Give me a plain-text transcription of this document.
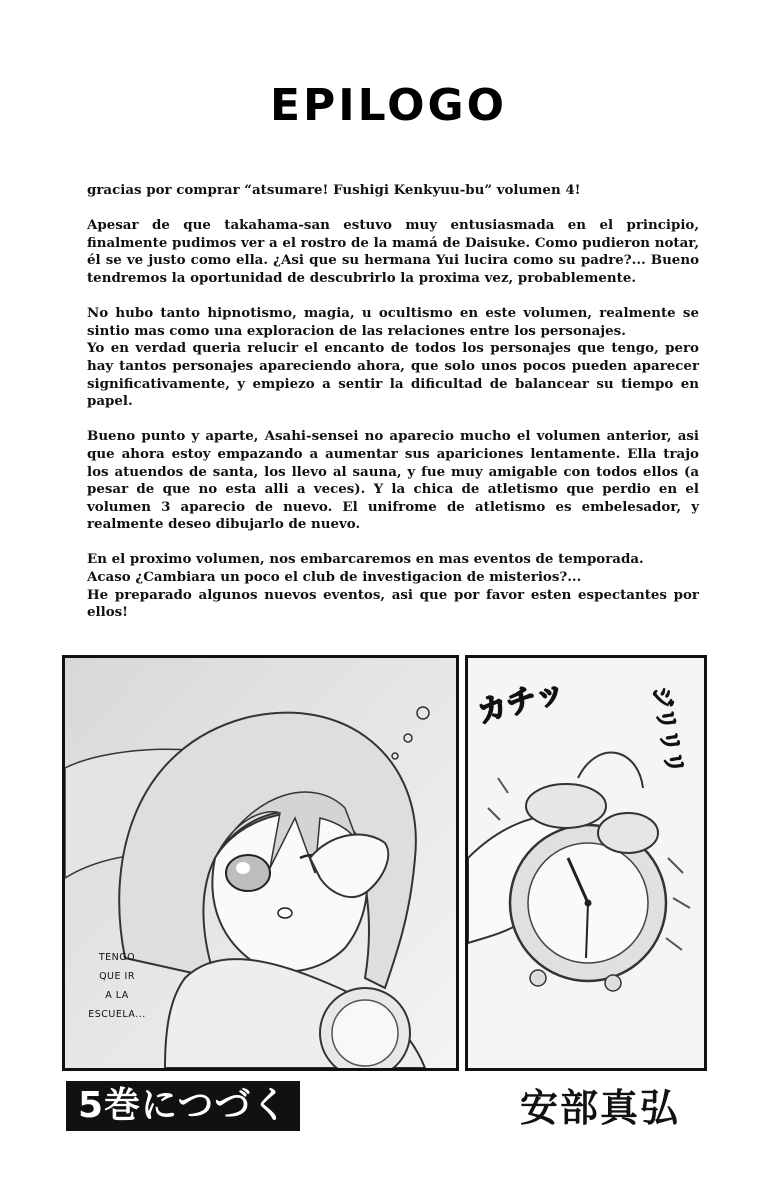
EPILOGO

gracias por comprar “atsumare! Fushigi Kenkyuu-bu” volumen 4!

Apesar de que takahama-san estuvo muy entusiasmada en el principio, finalmente pudimos ver a el rostro de la mamá de Daisuke. Como pudieron notar, él se ve justo como ella. ¿Asi que su hermana Yui lucira como su padre?... Bueno tendremos la oportunidad de descubrirlo la proxima vez, probablemente.

No hubo tanto hipnotismo, magia, u ocultismo en este volumen, realmente se sintio mas como una exploracion de las relaciones entre los personajes.

Yo en verdad queria relucir el encanto de todos los personajes que tengo, pero hay tantos personajes apareciendo ahora, que solo unos pocos pueden aparecer significativamente, y empiezo a sentir la dificultad de balancear su tiempo en papel.

Bueno punto y aparte, Asahi-sensei no aparecio mucho el volumen anterior, asi que ahora estoy empazando a aumentar sus apariciones lentamente. Ella trajo los atuendos de santa, los llevo al sauna, y fue muy amigable con todos ellos (a pesar de que no esta alli a veces). Y la chica de atletismo que perdio en el volumen 3 aparecio de nuevo. El unifrome de atletismo es embelesador, y realmente deseo dibujarlo de nuevo.

En el proximo volumen, nos embarcaremos en mas eventos de temporada.

Acaso ¿Cambiara un poco el club de investigacion de misterios?...

He preparado algunos nuevos eventos, asi que por favor esten espectantes por ellos!

TENGO
QUE IR
A LA
ESCUELA...
カチッ	ジリリリ
5巻につづく	安部真弘
